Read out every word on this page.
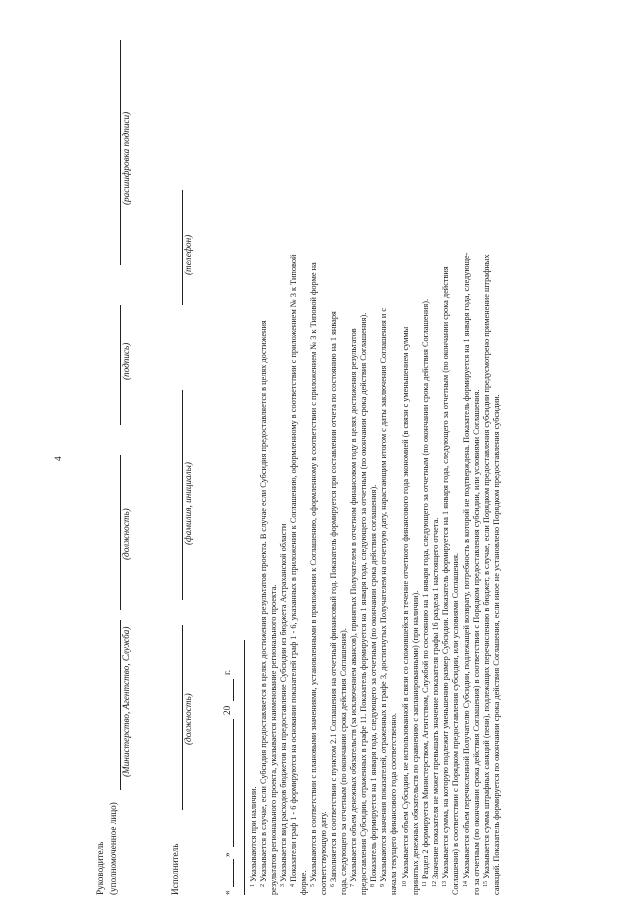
4
Руководитель (уполномоченное лицо)
(Министерство, Агентство, Служба)
(должность)
(подпись)
(расшифровка подписи)
Исполнитель
(должность)
(фамилия, инициалы)
(телефон)
«
»
20
г.
$^1$ Указываются при наличии.
$^2$ Указывается в случае, если Субсидия предоставляется в целях достижения результатов проекта. В случае если Субсидия предоставляется в целях достижения результатов регионального проекта, указывается наименование регионального проекта. $^3$ Указывается вид расходов бюджетов на предоставление Субсидии из бюджета Астраханской области
$^4$ Показатели граф 1 - 6 формируются на основании показателей граф 1 - 6, указанных в приложении к Соглашению, оформленному в соответствии с приложением № 3 к Типовой
форме. $^5$ Указываются в соответствии с плановыми значениями, установленными в приложении к Соглашению, оформленному в соответствии с приложением № 3 к Типовой форме на соответствующую дату. $^6$ Заполняется в соответствии с пунктом 2.1 Соглашения на отчетный финансовый год. Показатель формируется при составлении отчета по состоянию на 1 января года, следующего за отчетным (по окончании срока действия Соглашения). $^7$ Указывается объем денежных обязательств (за исключением авансов), принятых Получателем в отчетном финансовом году в целях достижения результатов предоставления Субсидии, отраженных в графе 11. Показатель формируется на 1 января года, следующего за отчетным (по окончании срока действия Соглашения). $^8$ Показатель формируется на 1 января года, следующего за отчетным (по окончании срока действия соглашения).
$^9$ Указываются значения показателей, отраженных в графе 3, достигнутых Получателем на отчетную дату, нарастающим итогом с даты заключения Соглашения и с начала текущего финансового года соответственно. $^{10}$ Указывается объем Субсидии, не использованной в связи со сложившейся в течение отчетного финансового года экономией (в связи с уменьшением суммы принятых денежных обязательств по сравнению с запланированными) (при наличии). $^{11}$ Раздел 2 формируется Министерством, Агентством, Службой по состоянию на 1 января года, следующего за отчетным (по окончании срока действия Соглашения).
$^{12}$ Значение показателя не может превышать значение показателя графы 16 раздела 1 настоящего отчета.
$^{13}$ Указывается сумма, на которую подлежит уменьшению размер Субсидии. Показатель формируется на 1 января года, следующего за отчетным (по окончании срока действия Соглашения) в соответствии с Порядком предоставления субсидии, или условиями Соглашения. $^{14}$ Указывается объем перечисленной Получателю Субсидии, подлежащей возврату, потребность в которой не подтверждена. Показатель формируется на 1 января года, следующе- го за отчетным (по окончании срока действия Соглашения) в соответствии с Порядком предоставления субсидии, или условиями Соглашения. $^{15}$ Указывается сумма штрафных санкций (пени), подлежащих перечислению в бюджет, в случае, если Порядком предоставления субсидии предусмотрено применение штрафных санкций. Показатель формируется по окончании срока действия Соглашения, если иное не установлено Порядком предоставления субсидии.
